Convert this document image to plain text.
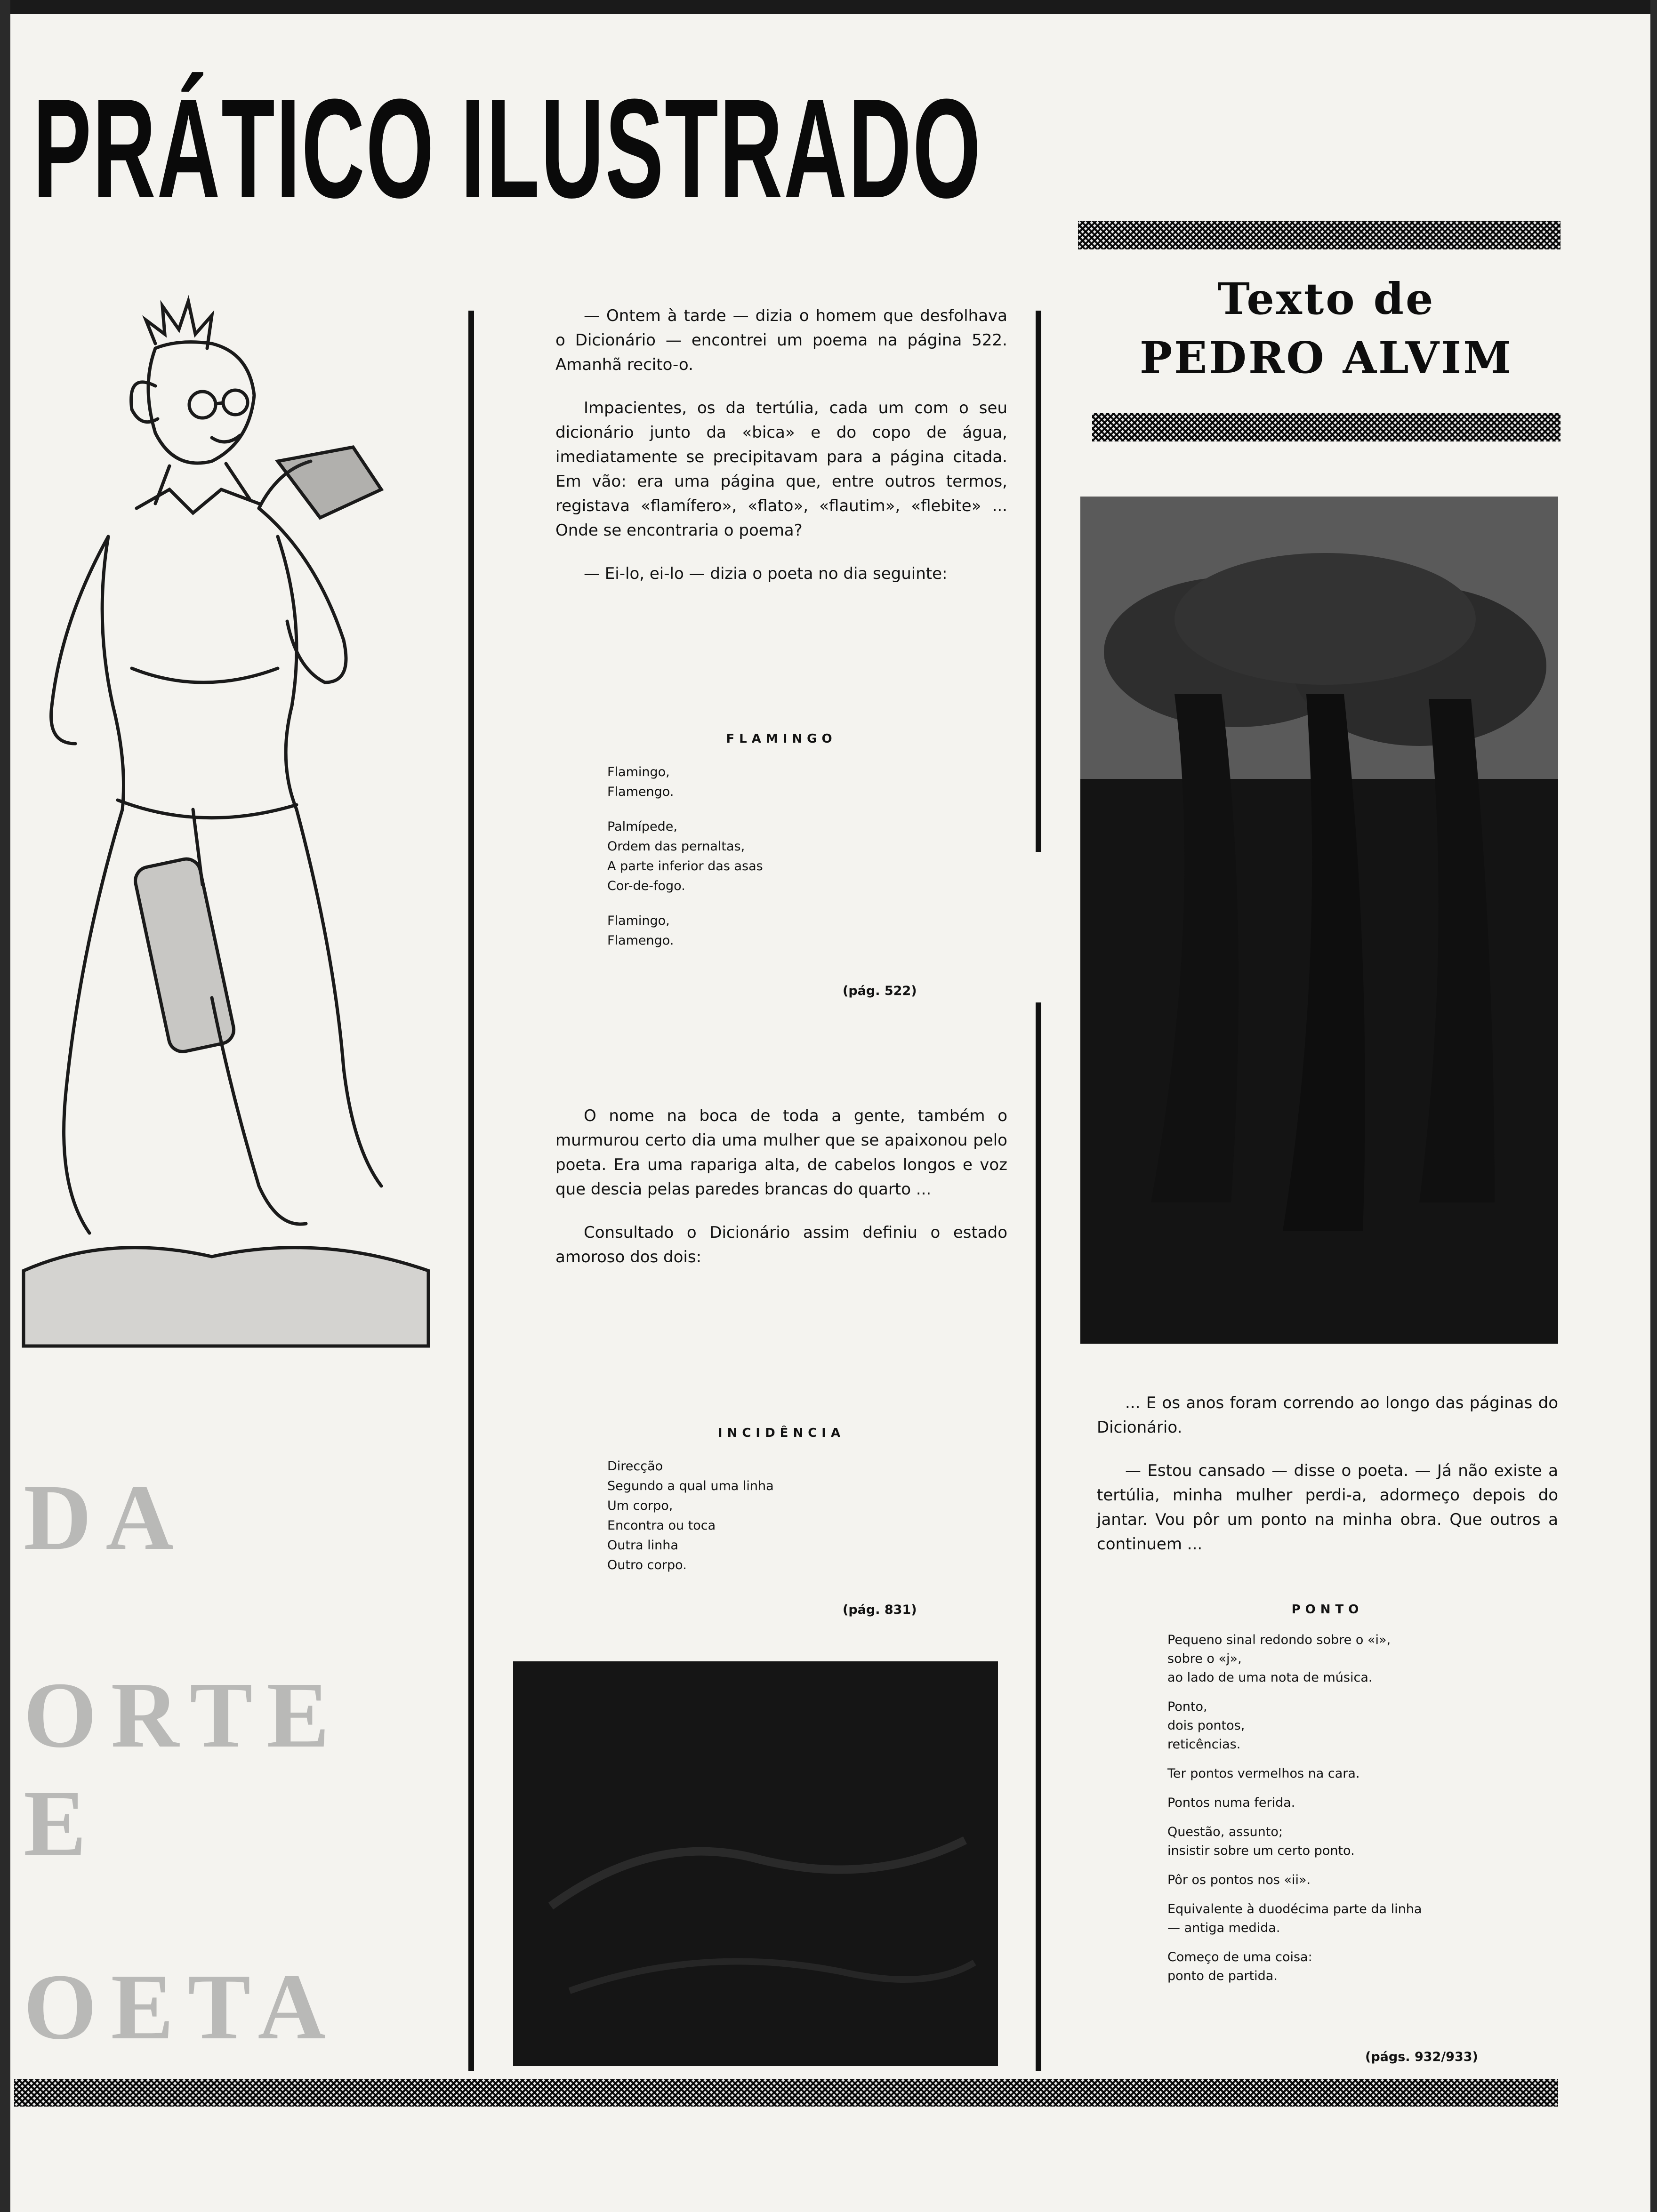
PRÁTICO ILUSTRADO
Texto de
PEDRO ALVIM
DA
ORTE
E
OETA

— Ontem à tarde — dizia o homem que desfolhava o Dicionário — encontrei um poema na página 522. Amanhã recito-o.

Impacientes, os da tertúlia, cada um com o seu dicionário junto da «bica» e do copo de água, imediatamente se precipitavam para a página citada. Em vão: era uma página que, entre outros termos, registava «flamífero», «flato», «flautim», «flebite» ... Onde se encontraria o poema?

— Ei-lo, ei-lo — dizia o poeta no dia seguinte:

FLAMINGO
Flamingo,
Flamengo.
Palmípede,
Ordem das pernaltas,
A parte inferior das asas
Cor-de-fogo.
Flamingo,
Flamengo.
(pág. 522)

O nome na boca de toda a gente, também o murmurou certo dia uma mulher que se apaixonou pelo poeta. Era uma rapariga alta, de cabelos longos e voz que descia pelas paredes brancas do quarto ...

Consultado o Dicionário assim definiu o estado amoroso dos dois:

INCIDÊNCIA
Direcção
Segundo a qual uma linha
Um corpo,
Encontra ou toca
Outra linha
Outro corpo.
(pág. 831)

... E os anos foram correndo ao longo das páginas do Dicionário.

— Estou cansado — disse o poeta. — Já não existe a tertúlia, minha mulher perdi-a, adormeço depois do jantar. Vou pôr um ponto na minha obra. Que outros a continuem ...

PONTO
Pequeno sinal redondo sobre o «i»,
sobre o «j»,
ao lado de uma nota de música.
Ponto,
dois pontos,
reticências.
Ter pontos vermelhos na cara.
Pontos numa ferida.
Questão, assunto;
insistir sobre um certo ponto.
Pôr os pontos nos «ii».
Equivalente à duodécima parte da linha
— antiga medida.
Começo de uma coisa:
ponto de partida.
(págs. 932/933)
